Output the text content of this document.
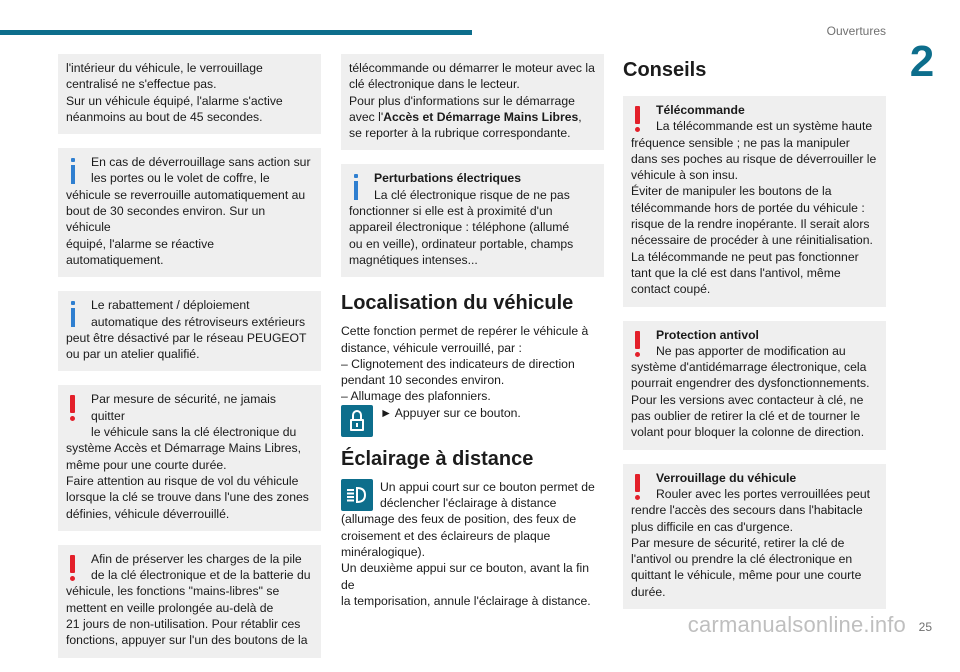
Ouvertures
2
l'intérieur du véhicule, le verrouillage
centralisé ne s'effectue pas.
Sur un véhicule équipé, l'alarme s'active
néanmoins au bout de 45 secondes.
En cas de déverrouillage sans action sur
les portes ou le volet de coffre, le
véhicule se reverrouille automatiquement au
bout de 30 secondes environ. Sur un véhicule
équipé, l'alarme se réactive automatiquement.
Le rabattement / déploiement
automatique des rétroviseurs extérieurs
peut être désactivé par le réseau PEUGEOT
ou par un atelier qualifié.
Par mesure de sécurité, ne jamais quitter
le véhicule sans la clé électronique du
système Accès et Démarrage Mains Libres,
même pour une courte durée.
Faire attention au risque de vol du véhicule
lorsque la clé se trouve dans l'une des zones
définies, véhicule déverrouillé.
Afin de préserver les charges de la pile
de la clé électronique et de la batterie du
véhicule, les fonctions "mains-libres" se
mettent en veille prolongée au-delà de
21 jours de non-utilisation. Pour rétablir ces
fonctions, appuyer sur l'un des boutons de la
télécommande ou démarrer le moteur avec la
clé électronique dans le lecteur.
Pour plus d'informations sur le démarrage
avec l'Accès et Démarrage Mains Libres,
se reporter à la rubrique correspondante.
Perturbations électriques
La clé électronique risque de ne pas
fonctionner si elle est à proximité d'un
appareil électronique : téléphone (allumé
ou en veille), ordinateur portable, champs
magnétiques intenses...
Localisation du véhicule
Cette fonction permet de repérer le véhicule à
distance, véhicule verrouillé, par :
– Clignotement des indicateurs de direction
pendant 10 secondes environ.
– Allumage des plafonniers.
► Appuyer sur ce bouton.
Éclairage à distance
Un appui court sur ce bouton permet de
déclencher l'éclairage à distance
(allumage des feux de position, des feux de
croisement et des éclaireurs de plaque
minéralogique).
Un deuxième appui sur ce bouton, avant la fin de
la temporisation, annule l'éclairage à distance.
Conseils
Télécommande
La télécommande est un système haute
fréquence sensible ; ne pas la manipuler
dans ses poches au risque de déverrouiller le
véhicule à son insu.
Éviter de manipuler les boutons de la
télécommande hors de portée du véhicule :
risque de la rendre inopérante. Il serait alors
nécessaire de procéder à une réinitialisation.
La télécommande ne peut pas fonctionner
tant que la clé est dans l'antivol, même
contact coupé.
Protection antivol
Ne pas apporter de modification au
système d'antidémarrage électronique, cela
pourrait engendrer des dysfonctionnements.
Pour les versions avec contacteur à clé, ne
pas oublier de retirer la clé et de tourner le
volant pour bloquer la colonne de direction.
Verrouillage du véhicule
Rouler avec les portes verrouillées peut
rendre l'accès des secours dans l'habitacle
plus difficile en cas d'urgence.
Par mesure de sécurité, retirer la clé de
l'antivol ou prendre la clé électronique en
quittant le véhicule, même pour une courte
durée.
carmanualsonline.info 25
